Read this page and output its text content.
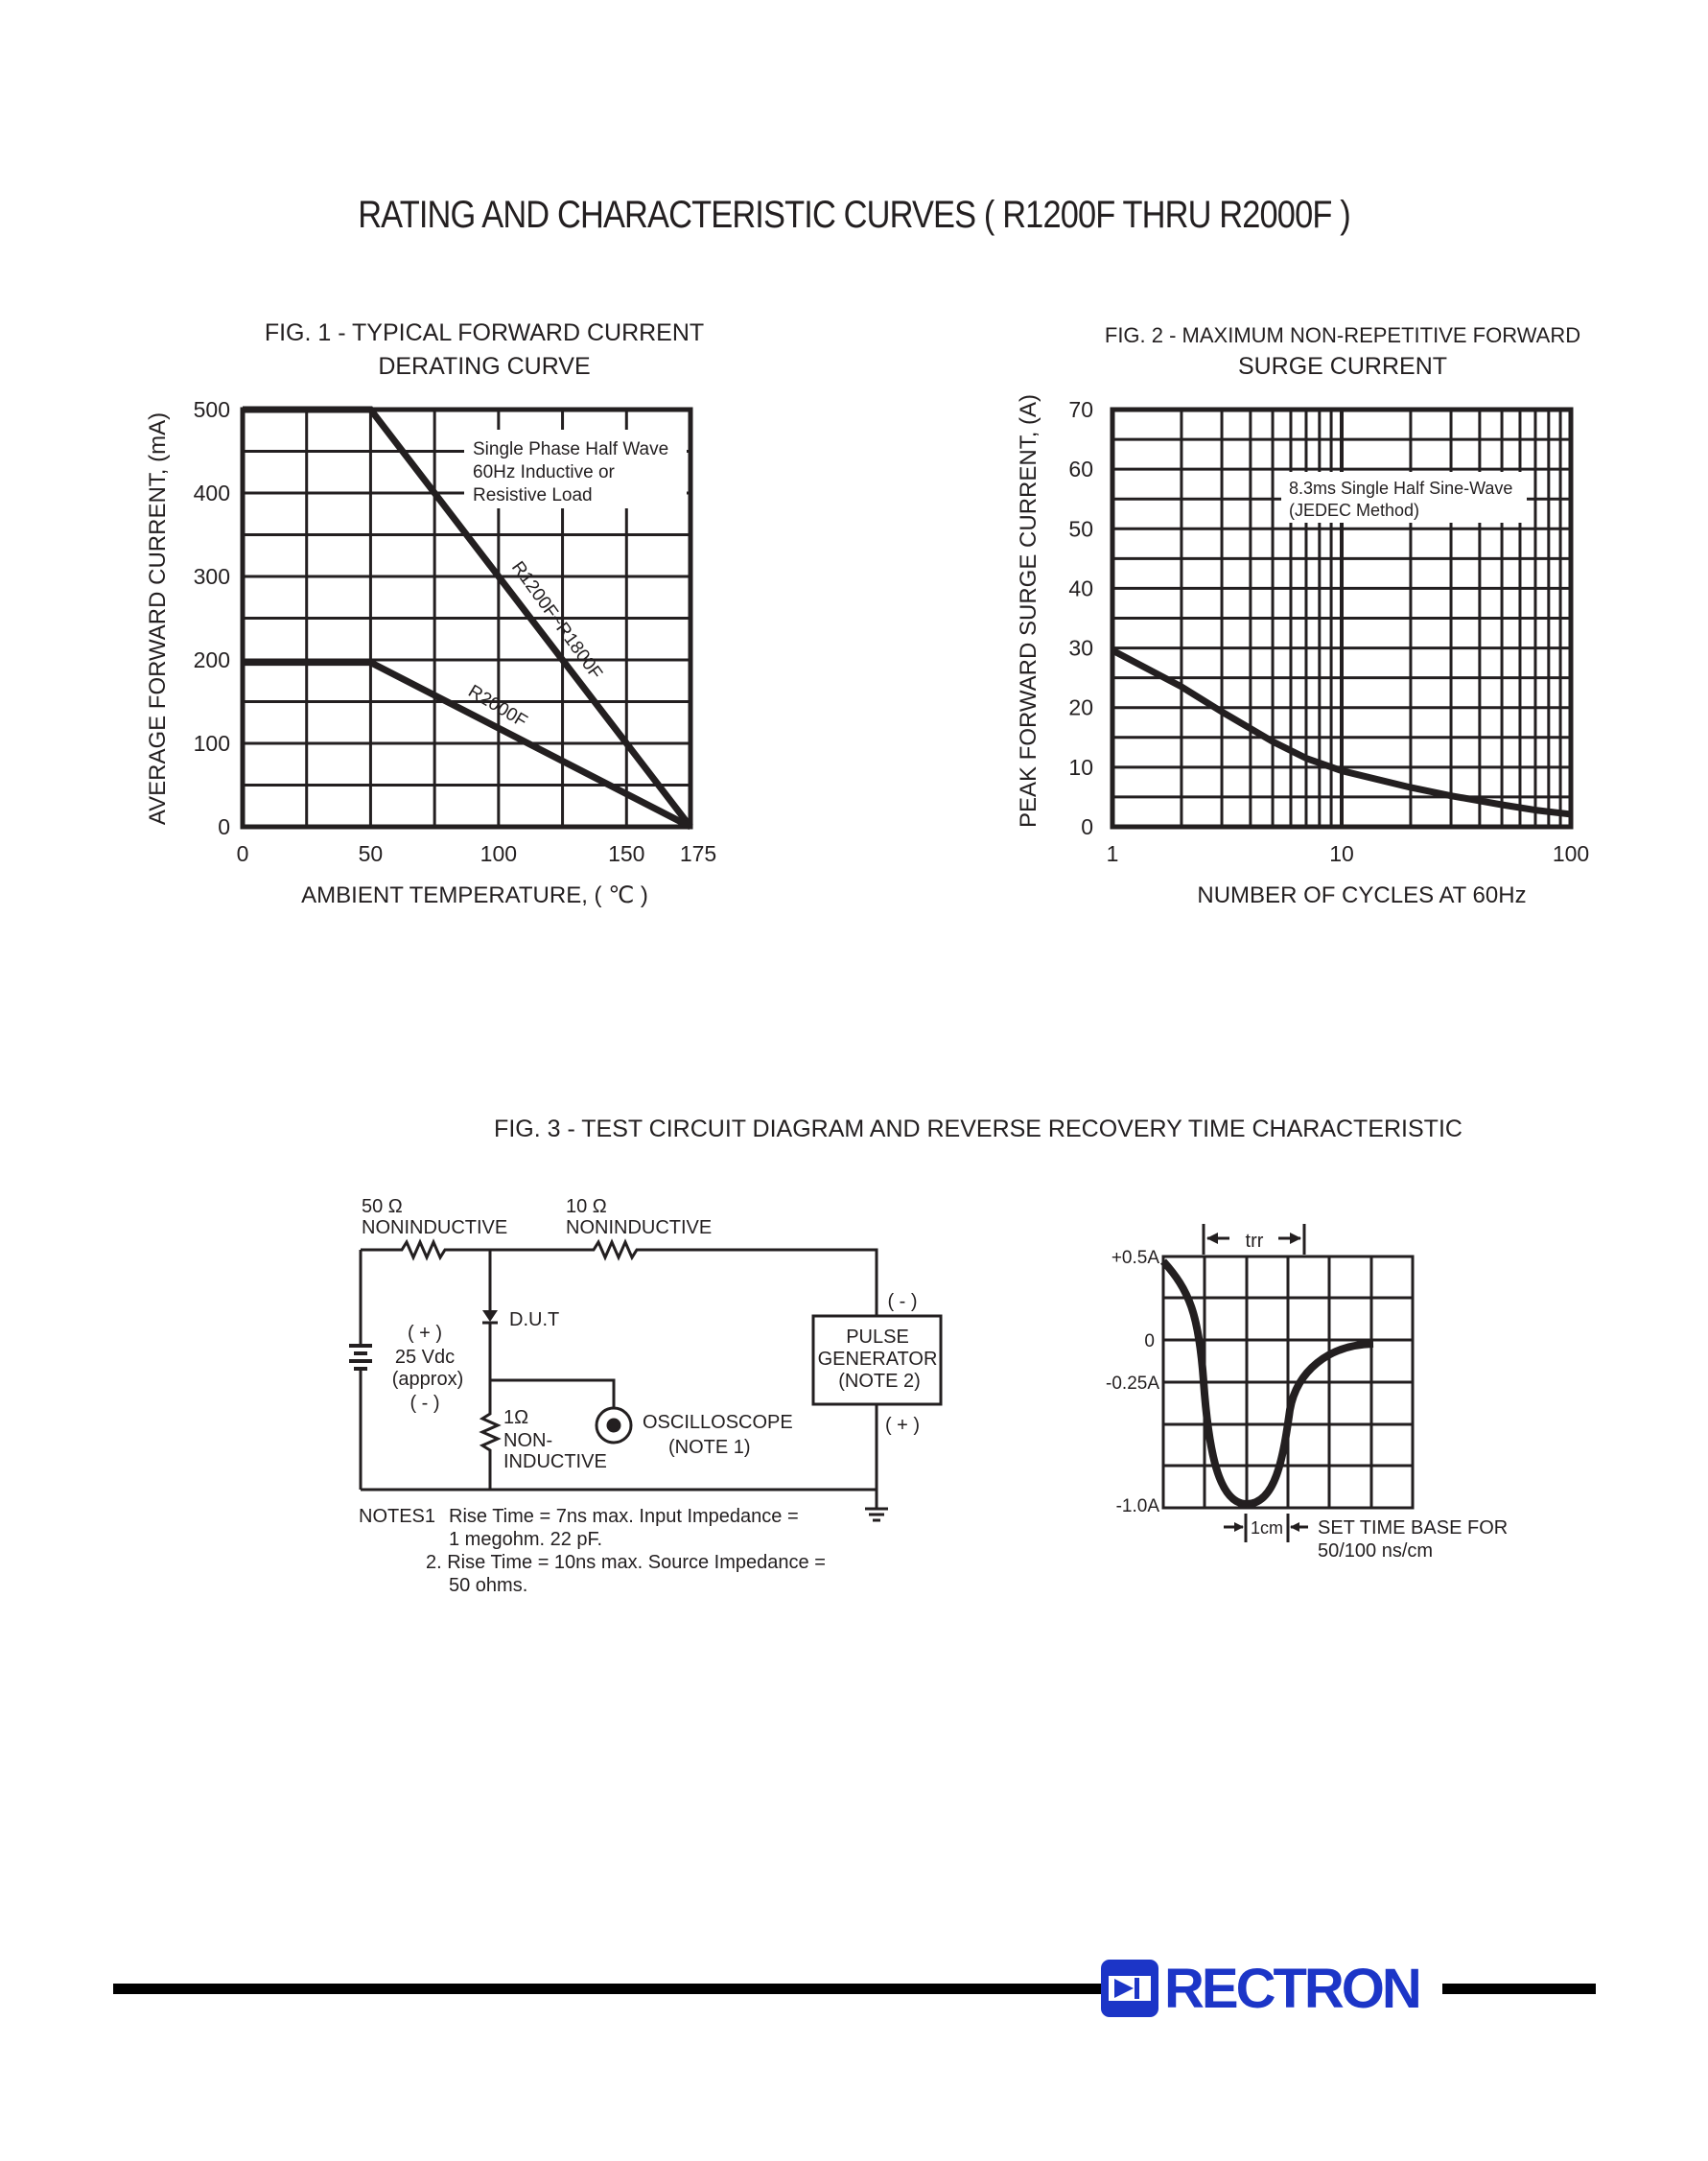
RATING AND CHARACTERISTIC CURVES ( R1200F THRU R2000F )
FIG. 1 - TYPICAL FORWARD CURRENT
DERATING CURVE
FIG. 2 - MAXIMUM NON-REPETITIVE FORWARD
SURGE CURRENT
FIG. 3 - TEST CIRCUIT DIAGRAM AND REVERSE RECOVERY TIME CHARACTERISTIC
0
100
200
300
400
500
0	50	100	150 175
Single Phase Half Wave
60Hz Inductive or
Resistive Load
R1200F~R1800F
R2000F
AMBIENT TEMPERATURE, ( ℃ )
AVERAGE FORWARD CURRENT, (mA)
0
10
20
30
40
50
60
70
1	10	100
8.3ms Single Half Sine-Wave
(JEDEC Method)
NUMBER OF CYCLES AT 60Hz
PEAK FORWARD SURGE CURRENT, (A)
50 Ω
NONINDUCTIVE
10 Ω
NONINDUCTIVE
D.U.T
( + )
25 Vdc
(approx)
( - )
1Ω
NON-
INDUCTIVE
OSCILLOSCOPE
(NOTE 1)
PULSE
GENERATOR
(NOTE 2)
( - )
( + )
NOTES1 Rise Time = 7ns max. Input Impedance =
1 megohm. 22 pF.
2. Rise Time = 10ns max. Source Impedance =
50 ohms.
trr
1cm
+0.5A
0
-0.25A
-1.0A
SET TIME BASE FOR
50/100 ns/cm
RECTRON
